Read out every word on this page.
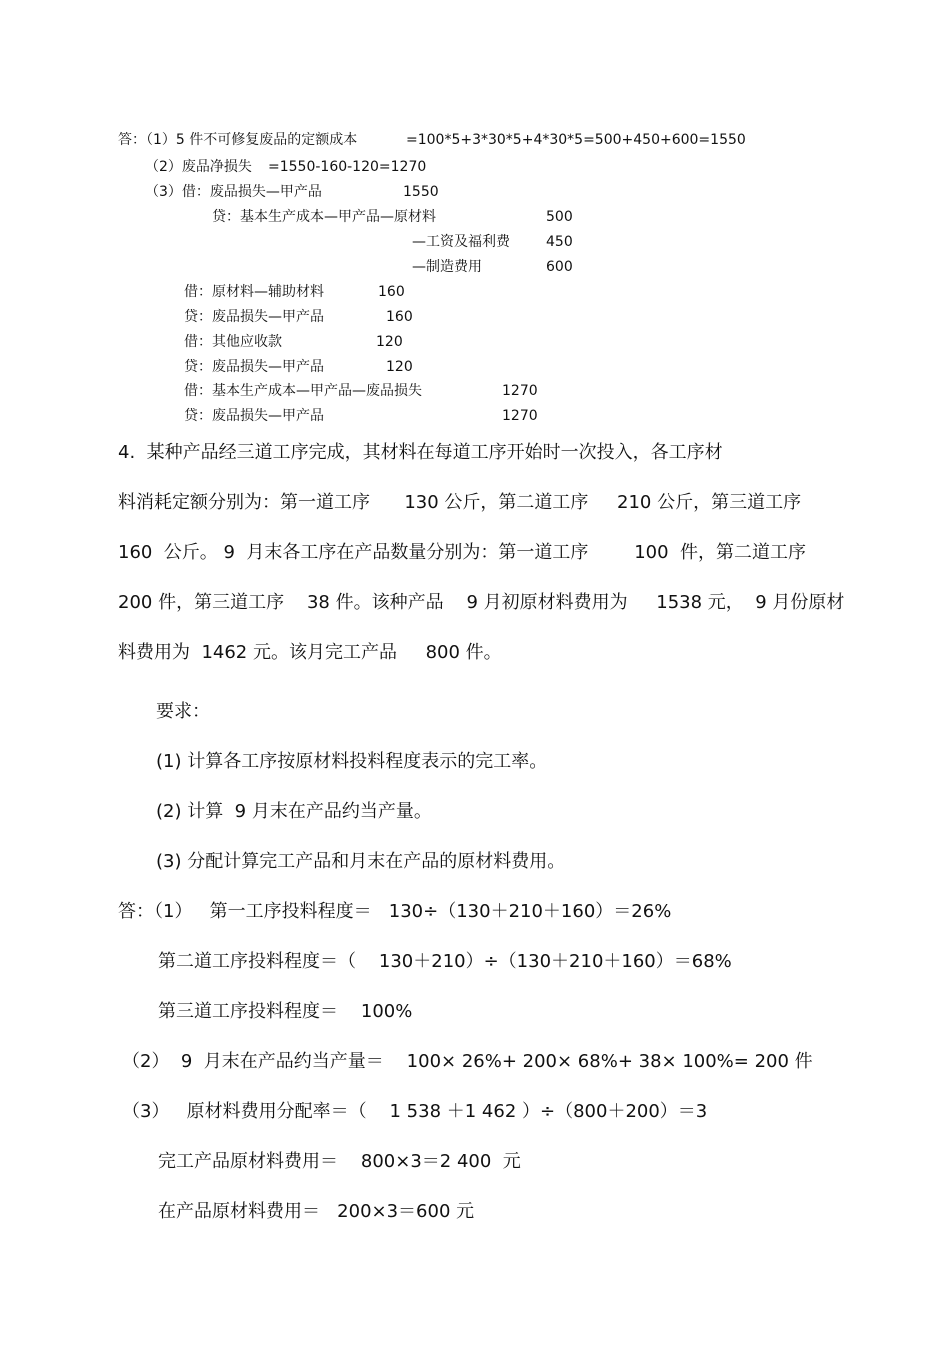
答：（1）5 件不可修复废品的定额成本	=100*5+3*30*5+4*30*5=500+450+600=1550
（2）废品净损失 =1550-160-120=1270
（3）借：废品损失—甲产品	1550
贷：基本生产成本—甲产品—原材料	500
—工资及福利费	450
—制造费用	600
借：原材料—辅助材料	160
贷：废品损失—甲产品	160
借：其他应收款	120
贷：废品损失—甲产品	120
借：基本生产成本—甲产品—废品损失	1270
贷：废品损失—甲产品	1270
4.  某种产品经三道工序完成，其材料在每道工序开始时一次投入，各工序材
料消耗定额分别为：第一道工序      130 公斤，第二道工序     210 公斤，第三道工序
160  公斤。 9  月末各工序在产品数量分别为：第一道工序        100  件，第二道工序
200 件，第三道工序    38 件。该种产品    9 月初原材料费用为     1538 元，  9 月份原材
料费用为  1462 元。该月完工产品     800 件。
要求：
(1) 计算各工序按原材料投料程度表示的完工率。
(2) 计算  9 月末在产品约当产量。
(3) 分配计算完工产品和月末在产品的原材料费用。
答：（1）   第一工序投料程度＝   130÷（130＋210＋160）＝26%
第二道工序投料程度＝（    130＋210）÷（130＋210＋160）＝68%
第三道工序投料程度＝    100%
（2）  9  月末在产品约当产量＝    100× 26%+ 200× 68%+ 38× 100%= 200 件
（3）   原材料费用分配率＝（    1 538 ＋1 462 ）÷（800＋200）＝3
完工产品原材料费用＝    800×3＝2 400  元
在产品原材料费用＝   200×3＝600 元
